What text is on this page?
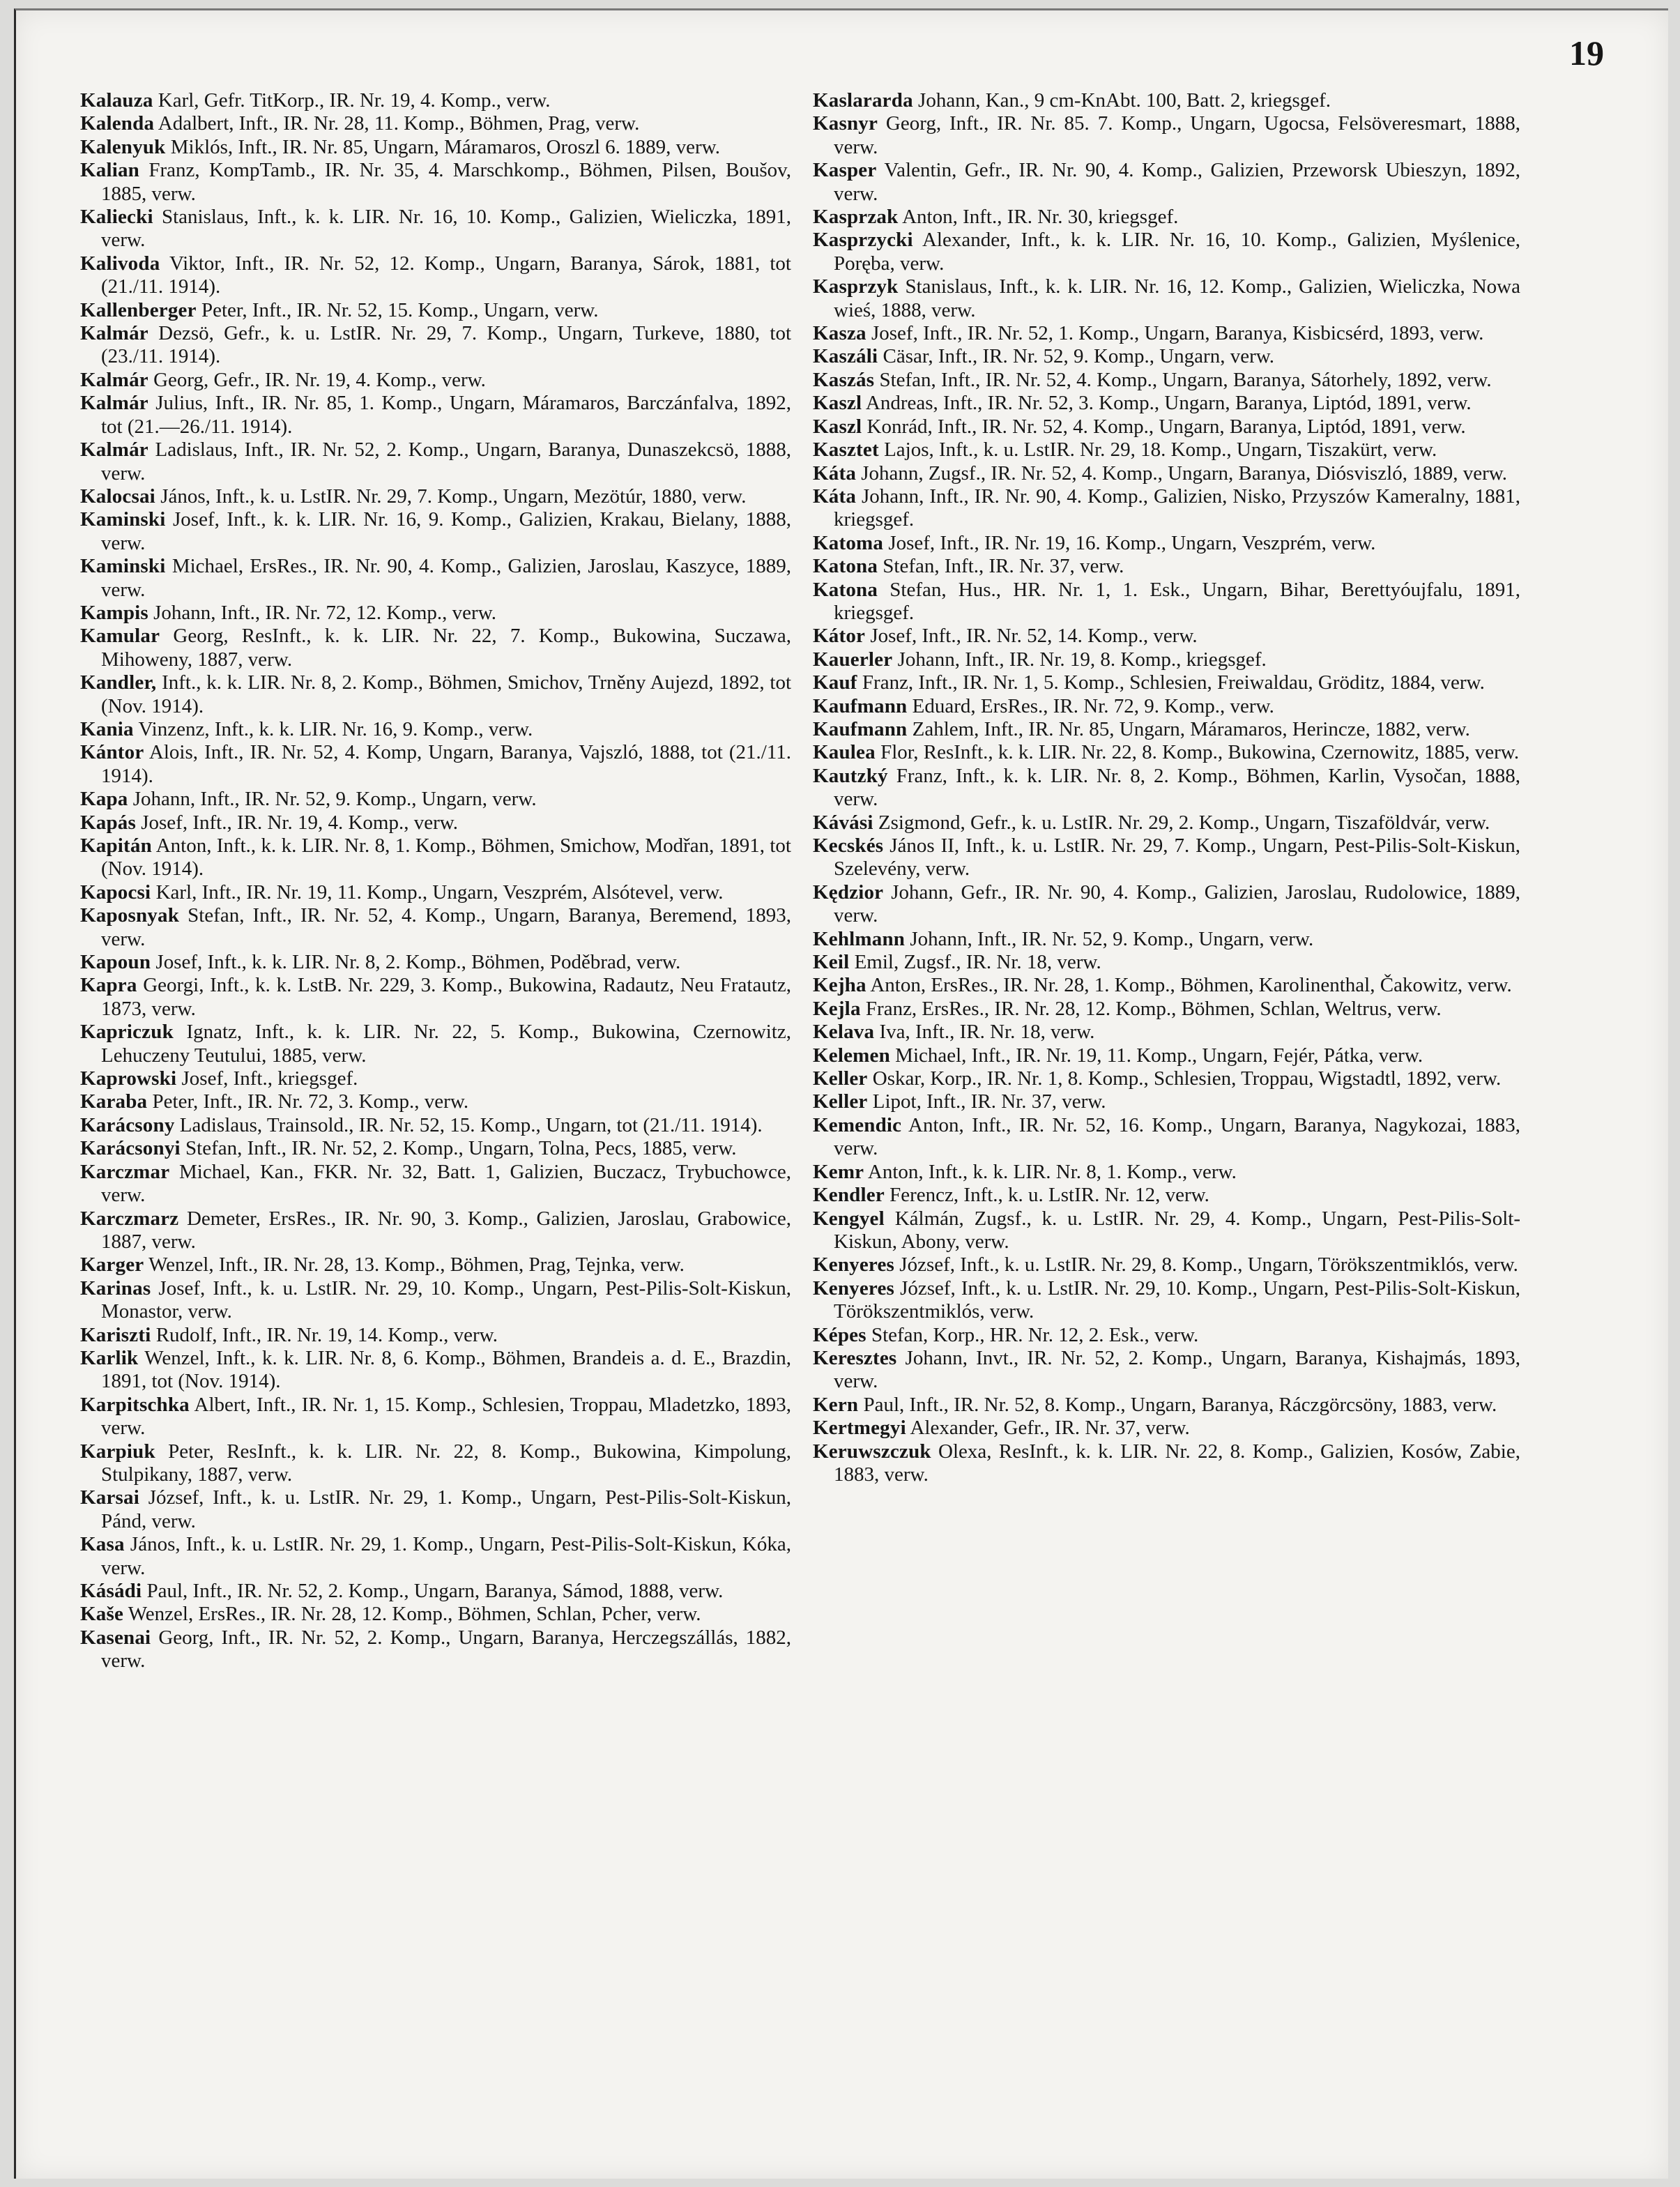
19

Kalauza Karl, Gefr. TitKorp., IR. Nr. 19, 4. Komp., verw.

Kalenda Adalbert, Inft., IR. Nr. 28, 11. Komp., Böhmen, Prag, verw.

Kalenyuk Miklós, Inft., IR. Nr. 85, Ungarn, Máramaros, Oroszl 6. 1889, verw.

Kalian Franz, KompTamb., IR. Nr. 35, 4. Marschkomp., Böhmen, Pilsen, Boušov, 1885, verw.

Kaliecki Stanislaus, Inft., k. k. LIR. Nr. 16, 10. Komp., Galizien, Wieliczka, 1891, verw.

Kalivoda Viktor, Inft., IR. Nr. 52, 12. Komp., Ungarn, Baranya, Sárok, 1881, tot (21./11. 1914).

Kallenberger Peter, Inft., IR. Nr. 52, 15. Komp., Ungarn, verw.

Kalmár Dezsö, Gefr., k. u. LstIR. Nr. 29, 7. Komp., Ungarn, Turkeve, 1880, tot (23./11. 1914).

Kalmár Georg, Gefr., IR. Nr. 19, 4. Komp., verw.

Kalmár Julius, Inft., IR. Nr. 85, 1. Komp., Ungarn, Máramaros, Barczánfalva, 1892, tot (21.—26./11. 1914).

Kalmár Ladislaus, Inft., IR. Nr. 52, 2. Komp., Ungarn, Baranya, Dunaszekcsö, 1888, verw.

Kalocsai János, Inft., k. u. LstIR. Nr. 29, 7. Komp., Ungarn, Mezötúr, 1880, verw.

Kaminski Josef, Inft., k. k. LIR. Nr. 16, 9. Komp., Galizien, Krakau, Bielany, 1888, verw.

Kaminski Michael, ErsRes., IR. Nr. 90, 4. Komp., Galizien, Jaroslau, Kaszyce, 1889, verw.

Kampis Johann, Inft., IR. Nr. 72, 12. Komp., verw.

Kamular Georg, ResInft., k. k. LIR. Nr. 22, 7. Komp., Bukowina, Suczawa, Mihoweny, 1887, verw.

Kandler, Inft., k. k. LIR. Nr. 8, 2. Komp., Böhmen, Smichov, Trněny Aujezd, 1892, tot (Nov. 1914).

Kania Vinzenz, Inft., k. k. LIR. Nr. 16, 9. Komp., verw.

Kántor Alois, Inft., IR. Nr. 52, 4. Komp, Ungarn, Baranya, Vajszló, 1888, tot (21./11. 1914).

Kapa Johann, Inft., IR. Nr. 52, 9. Komp., Ungarn, verw.

Kapás Josef, Inft., IR. Nr. 19, 4. Komp., verw.

Kapitán Anton, Inft., k. k. LIR. Nr. 8, 1. Komp., Böhmen, Smichow, Modřan, 1891, tot (Nov. 1914).

Kapocsi Karl, Inft., IR. Nr. 19, 11. Komp., Ungarn, Veszprém, Alsótevel, verw.

Kaposnyak Stefan, Inft., IR. Nr. 52, 4. Komp., Ungarn, Baranya, Beremend, 1893, verw.

Kapoun Josef, Inft., k. k. LIR. Nr. 8, 2. Komp., Böhmen, Poděbrad, verw.

Kapra Georgi, Inft., k. k. LstB. Nr. 229, 3. Komp., Bukowina, Radautz, Neu Fratautz, 1873, verw.

Kapriczuk Ignatz, Inft., k. k. LIR. Nr. 22, 5. Komp., Bukowina, Czernowitz, Lehuczeny Teutului, 1885, verw.

Kaprowski Josef, Inft., kriegsgef.

Karaba Peter, Inft., IR. Nr. 72, 3. Komp., verw.

Karácsony Ladislaus, Trainsold., IR. Nr. 52, 15. Komp., Ungarn, tot (21./11. 1914).

Karácsonyi Stefan, Inft., IR. Nr. 52, 2. Komp., Ungarn, Tolna, Pecs, 1885, verw.

Karczmar Michael, Kan., FKR. Nr. 32, Batt. 1, Galizien, Buczacz, Trybuchowce, verw.

Karczmarz Demeter, ErsRes., IR. Nr. 90, 3. Komp., Galizien, Jaroslau, Grabowice, 1887, verw.

Karger Wenzel, Inft., IR. Nr. 28, 13. Komp., Böhmen, Prag, Tejnka, verw.

Karinas Josef, Inft., k. u. LstIR. Nr. 29, 10. Komp., Ungarn, Pest-Pilis-Solt-Kiskun, Monastor, verw.

Kariszti Rudolf, Inft., IR. Nr. 19, 14. Komp., verw.

Karlik Wenzel, Inft., k. k. LIR. Nr. 8, 6. Komp., Böhmen, Brandeis a. d. E., Brazdin, 1891, tot (Nov. 1914).

Karpitschka Albert, Inft., IR. Nr. 1, 15. Komp., Schlesien, Troppau, Mladetzko, 1893, verw.

Karpiuk Peter, ResInft., k. k. LIR. Nr. 22, 8. Komp., Bukowina, Kimpolung, Stulpikany, 1887, verw.

Karsai József, Inft., k. u. LstIR. Nr. 29, 1. Komp., Ungarn, Pest-Pilis-Solt-Kiskun, Pánd, verw.

Kasa János, Inft., k. u. LstIR. Nr. 29, 1. Komp., Ungarn, Pest-Pilis-Solt-Kiskun, Kóka, verw.

Kásádi Paul, Inft., IR. Nr. 52, 2. Komp., Ungarn, Baranya, Sámod, 1888, verw.

Kaše Wenzel, ErsRes., IR. Nr. 28, 12. Komp., Böhmen, Schlan, Pcher, verw.

Kasenai Georg, Inft., IR. Nr. 52, 2. Komp., Ungarn, Baranya, Herczegszállás, 1882, verw.

Kaslararda Johann, Kan., 9 cm-KnAbt. 100, Batt. 2, kriegsgef.

Kasnyr Georg, Inft., IR. Nr. 85. 7. Komp., Ungarn, Ugocsa, Felsöveresmart, 1888, verw.

Kasper Valentin, Gefr., IR. Nr. 90, 4. Komp., Galizien, Przeworsk Ubieszyn, 1892, verw.

Kasprzak Anton, Inft., IR. Nr. 30, kriegsgef.

Kasprzycki Alexander, Inft., k. k. LIR. Nr. 16, 10. Komp., Galizien, Myślenice, Poręba, verw.

Kasprzyk Stanislaus, Inft., k. k. LIR. Nr. 16, 12. Komp., Galizien, Wieliczka, Nowa wieś, 1888, verw.

Kasza Josef, Inft., IR. Nr. 52, 1. Komp., Ungarn, Baranya, Kisbicsérd, 1893, verw.

Kaszáli Cäsar, Inft., IR. Nr. 52, 9. Komp., Ungarn, verw.

Kaszás Stefan, Inft., IR. Nr. 52, 4. Komp., Ungarn, Baranya, Sátorhely, 1892, verw.

Kaszl Andreas, Inft., IR. Nr. 52, 3. Komp., Ungarn, Baranya, Liptód, 1891, verw.

Kaszl Konrád, Inft., IR. Nr. 52, 4. Komp., Ungarn, Baranya, Liptód, 1891, verw.

Kasztet Lajos, Inft., k. u. LstIR. Nr. 29, 18. Komp., Ungarn, Tiszakürt, verw.

Káta Johann, Zugsf., IR. Nr. 52, 4. Komp., Ungarn, Baranya, Diósviszló, 1889, verw.

Káta Johann, Inft., IR. Nr. 90, 4. Komp., Galizien, Nisko, Przyszów Kameralny, 1881, kriegsgef.

Katoma Josef, Inft., IR. Nr. 19, 16. Komp., Ungarn, Veszprém, verw.

Katona Stefan, Inft., IR. Nr. 37, verw.

Katona Stefan, Hus., HR. Nr. 1, 1. Esk., Ungarn, Bihar, Berettyóujfalu, 1891, kriegsgef.

Kátor Josef, Inft., IR. Nr. 52, 14. Komp., verw.

Kauerler Johann, Inft., IR. Nr. 19, 8. Komp., kriegsgef.

Kauf Franz, Inft., IR. Nr. 1, 5. Komp., Schlesien, Freiwaldau, Gröditz, 1884, verw.

Kaufmann Eduard, ErsRes., IR. Nr. 72, 9. Komp., verw.

Kaufmann Zahlem, Inft., IR. Nr. 85, Ungarn, Máramaros, Herincze, 1882, verw.

Kaulea Flor, ResInft., k. k. LIR. Nr. 22, 8. Komp., Bukowina, Czernowitz, 1885, verw.

Kautzký Franz, Inft., k. k. LIR. Nr. 8, 2. Komp., Böhmen, Karlin, Vysočan, 1888, verw.

Kávási Zsigmond, Gefr., k. u. LstIR. Nr. 29, 2. Komp., Ungarn, Tiszaföldvár, verw.

Kecskés János II, Inft., k. u. LstIR. Nr. 29, 7. Komp., Ungarn, Pest-Pilis-Solt-Kiskun, Szelevény, verw.

Kędzior Johann, Gefr., IR. Nr. 90, 4. Komp., Galizien, Jaroslau, Rudolowice, 1889, verw.

Kehlmann Johann, Inft., IR. Nr. 52, 9. Komp., Ungarn, verw.

Keil Emil, Zugsf., IR. Nr. 18, verw.

Kejha Anton, ErsRes., IR. Nr. 28, 1. Komp., Böhmen, Karolinenthal, Čakowitz, verw.

Kejla Franz, ErsRes., IR. Nr. 28, 12. Komp., Böhmen, Schlan, Weltrus, verw.

Kelava Iva, Inft., IR. Nr. 18, verw.

Kelemen Michael, Inft., IR. Nr. 19, 11. Komp., Ungarn, Fejér, Pátka, verw.

Keller Oskar, Korp., IR. Nr. 1, 8. Komp., Schlesien, Troppau, Wigstadtl, 1892, verw.

Keller Lipot, Inft., IR. Nr. 37, verw.

Kemendic Anton, Inft., IR. Nr. 52, 16. Komp., Ungarn, Baranya, Nagykozai, 1883, verw.

Kemr Anton, Inft., k. k. LIR. Nr. 8, 1. Komp., verw.

Kendler Ferencz, Inft., k. u. LstIR. Nr. 12, verw.

Kengyel Kálmán, Zugsf., k. u. LstIR. Nr. 29, 4. Komp., Ungarn, Pest-Pilis-Solt-Kiskun, Abony, verw.

Kenyeres József, Inft., k. u. LstIR. Nr. 29, 8. Komp., Ungarn, Törökszentmiklós, verw.

Kenyeres József, Inft., k. u. LstIR. Nr. 29, 10. Komp., Ungarn, Pest-Pilis-Solt-Kiskun, Törökszentmiklós, verw.

Képes Stefan, Korp., HR. Nr. 12, 2. Esk., verw.

Keresztes Johann, Invt., IR. Nr. 52, 2. Komp., Ungarn, Baranya, Kishajmás, 1893, verw.

Kern Paul, Inft., IR. Nr. 52, 8. Komp., Ungarn, Baranya, Ráczgörcsöny, 1883, verw.

Kertmegyi Alexander, Gefr., IR. Nr. 37, verw.

Keruwszczuk Olexa, ResInft., k. k. LIR. Nr. 22, 8. Komp., Galizien, Kosów, Zabie, 1883, verw.
